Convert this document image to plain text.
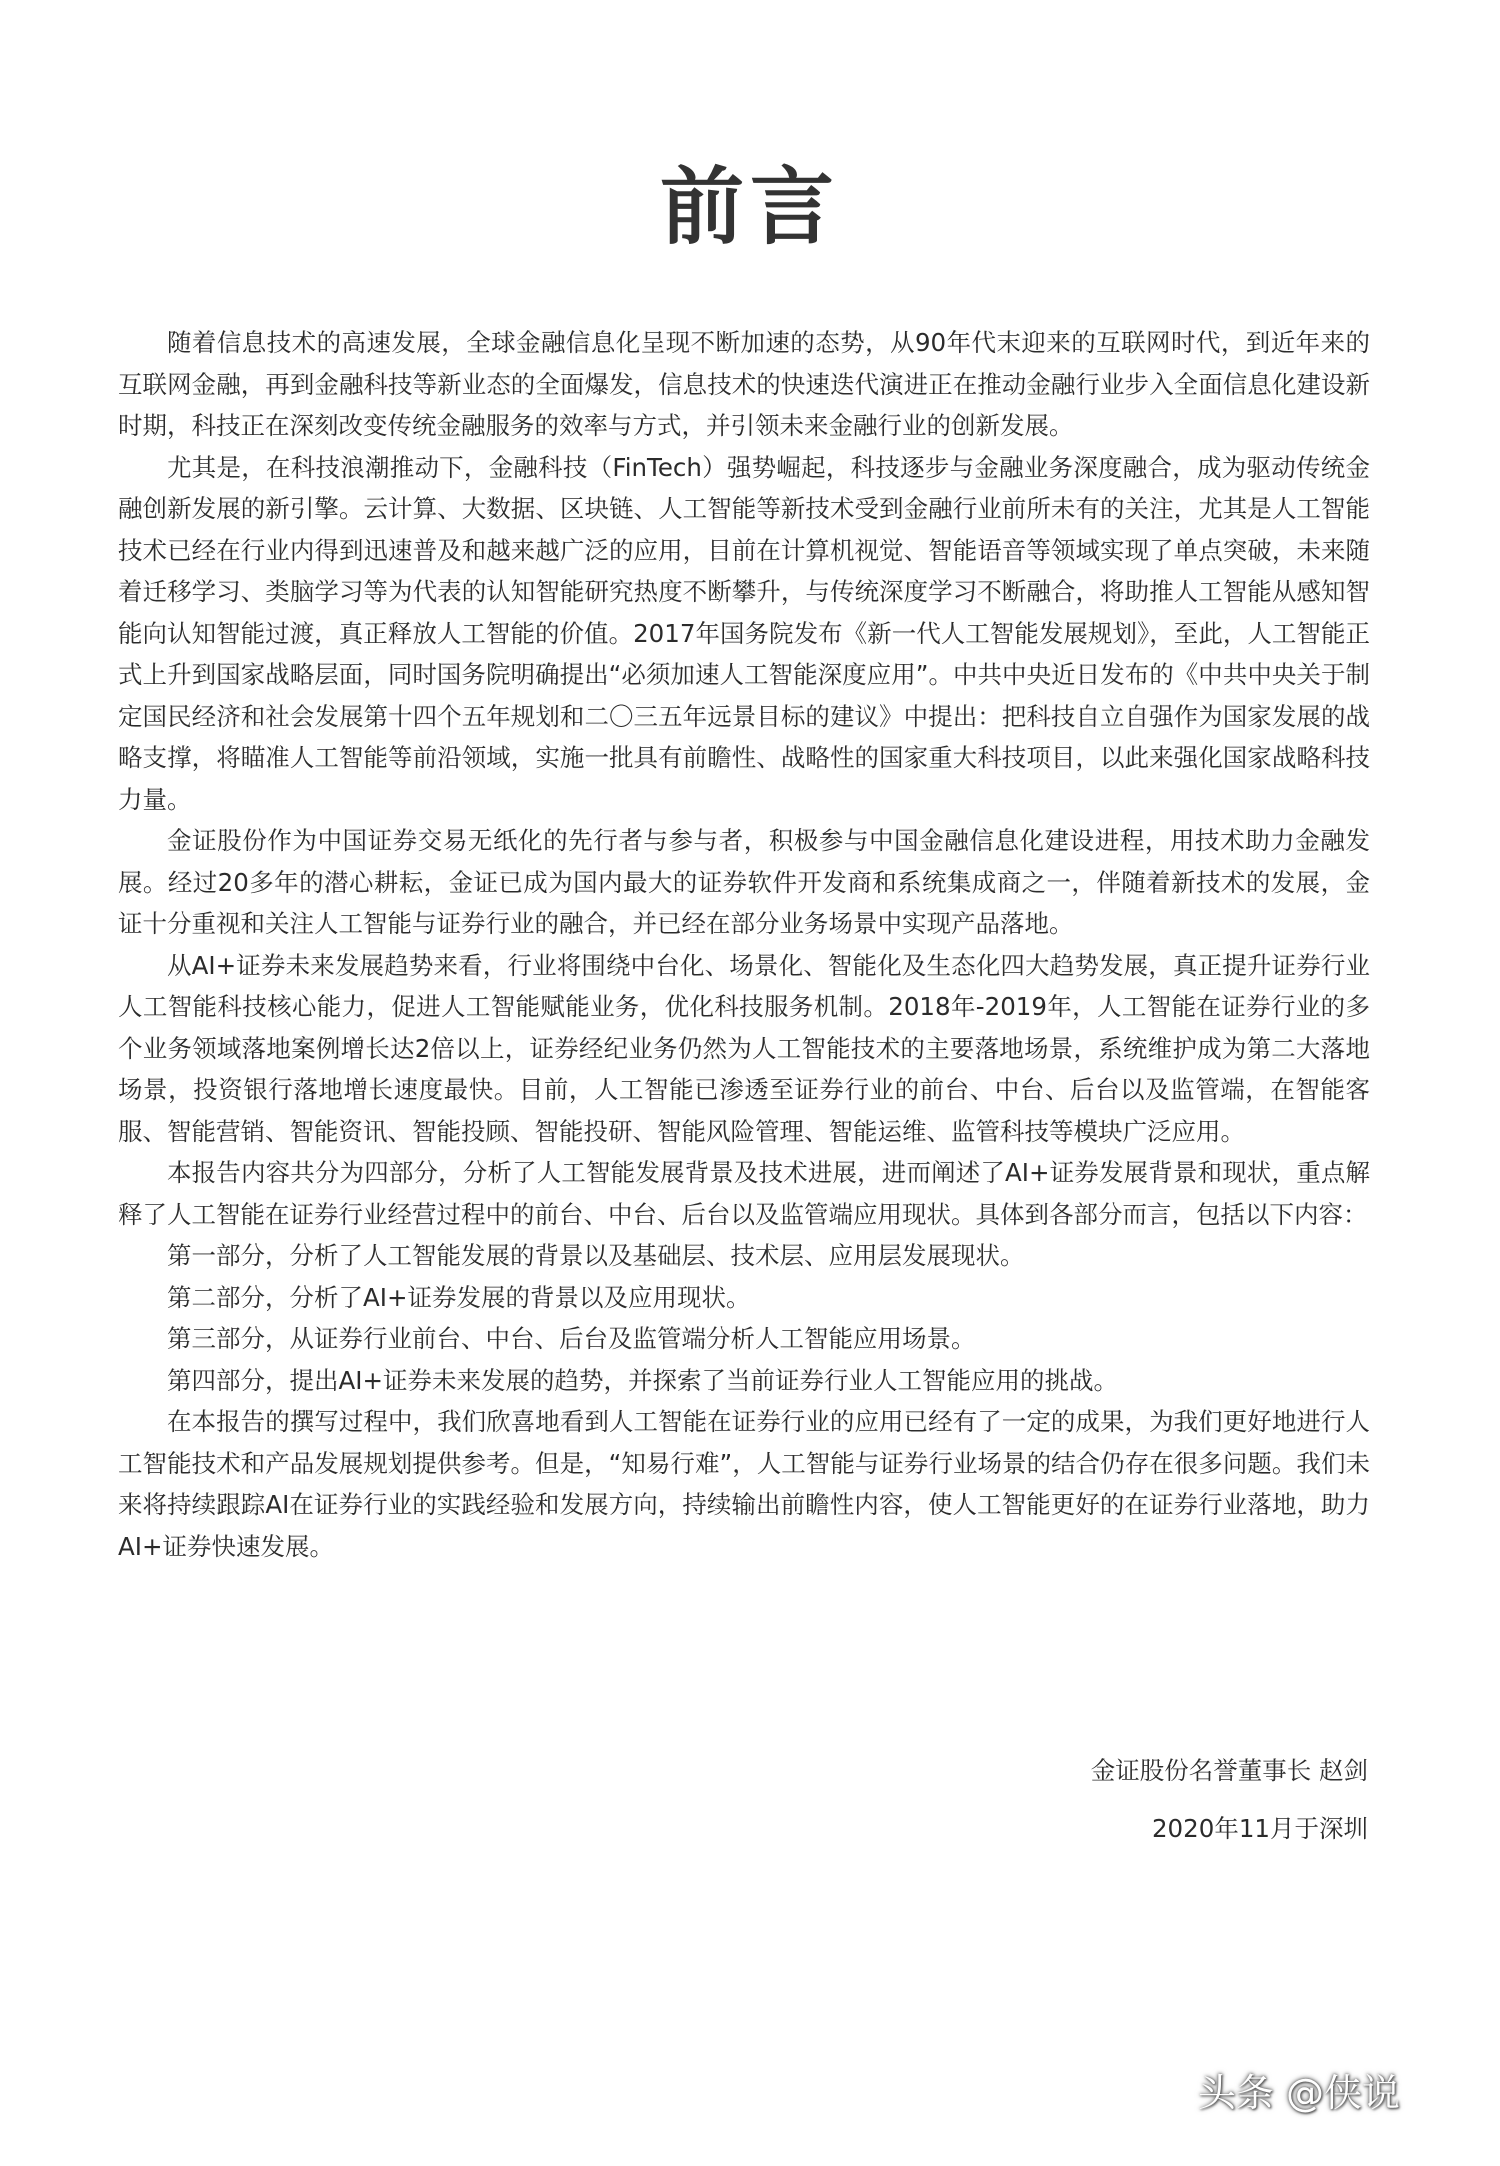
前言

随着信息技术的高速发展，全球金融信息化呈现不断加速的态势，从90年代末迎来的互联网时代，到近年来的互联网金融，再到金融科技等新业态的全面爆发，信息技术的快速迭代演进正在推动金融行业步入全面信息化建设新时期，科技正在深刻改变传统金融服务的效率与方式，并引领未来金融行业的创新发展。

尤其是，在科技浪潮推动下，金融科技（FinTech）强势崛起，科技逐步与金融业务深度融合，成为驱动传统金融创新发展的新引擎。云计算、大数据、区块链、人工智能等新技术受到金融行业前所未有的关注，尤其是人工智能技术已经在行业内得到迅速普及和越来越广泛的应用，目前在计算机视觉、智能语音等领域实现了单点突破，未来随着迁移学习、类脑学习等为代表的认知智能研究热度不断攀升，与传统深度学习不断融合，将助推人工智能从感知智能向认知智能过渡，真正释放人工智能的价值。2017年国务院发布《新一代人工智能发展规划》，至此，人工智能正式上升到国家战略层面，同时国务院明确提出“必须加速人工智能深度应用”。中共中央近日发布的《中共中央关于制定国民经济和社会发展第十四个五年规划和二〇三五年远景目标的建议》中提出：把科技自立自强作为国家发展的战略支撑，将瞄准人工智能等前沿领域，实施一批具有前瞻性、战略性的国家重大科技项目，以此来强化国家战略科技力量。

金证股份作为中国证券交易无纸化的先行者与参与者，积极参与中国金融信息化建设进程，用技术助力金融发展。经过20多年的潜心耕耘，金证已成为国内最大的证券软件开发商和系统集成商之一，伴随着新技术的发展，金证十分重视和关注人工智能与证券行业的融合，并已经在部分业务场景中实现产品落地。

从AI+证券未来发展趋势来看，行业将围绕中台化、场景化、智能化及生态化四大趋势发展，真正提升证券行业人工智能科技核心能力，促进人工智能赋能业务，优化科技服务机制。2018年-2019年，人工智能在证券行业的多个业务领域落地案例增长达2倍以上，证券经纪业务仍然为人工智能技术的主要落地场景，系统维护成为第二大落地场景，投资银行落地增长速度最快。目前，人工智能已渗透至证券行业的前台、中台、后台以及监管端，在智能客服、智能营销、智能资讯、智能投顾、智能投研、智能风险管理、智能运维、监管科技等模块广泛应用。

本报告内容共分为四部分，分析了人工智能发展背景及技术进展，进而阐述了AI+证券发展背景和现状，重点解释了人工智能在证券行业经营过程中的前台、中台、后台以及监管端应用现状。具体到各部分而言，包括以下内容：

第一部分，分析了人工智能发展的背景以及基础层、技术层、应用层发展现状。

第二部分，分析了AI+证券发展的背景以及应用现状。

第三部分，从证券行业前台、中台、后台及监管端分析人工智能应用场景。

第四部分，提出AI+证券未来发展的趋势，并探索了当前证券行业人工智能应用的挑战。

在本报告的撰写过程中，我们欣喜地看到人工智能在证券行业的应用已经有了一定的成果，为我们更好地进行人工智能技术和产品发展规划提供参考。但是，“知易行难”，人工智能与证券行业场景的结合仍存在很多问题。我们未来将持续跟踪AI在证券行业的实践经验和发展方向，持续输出前瞻性内容，使人工智能更好的在证券行业落地，助力AI+证券快速发展。

金证股份名誉董事长 赵剑
2020年11月于深圳
头条 @侠说
